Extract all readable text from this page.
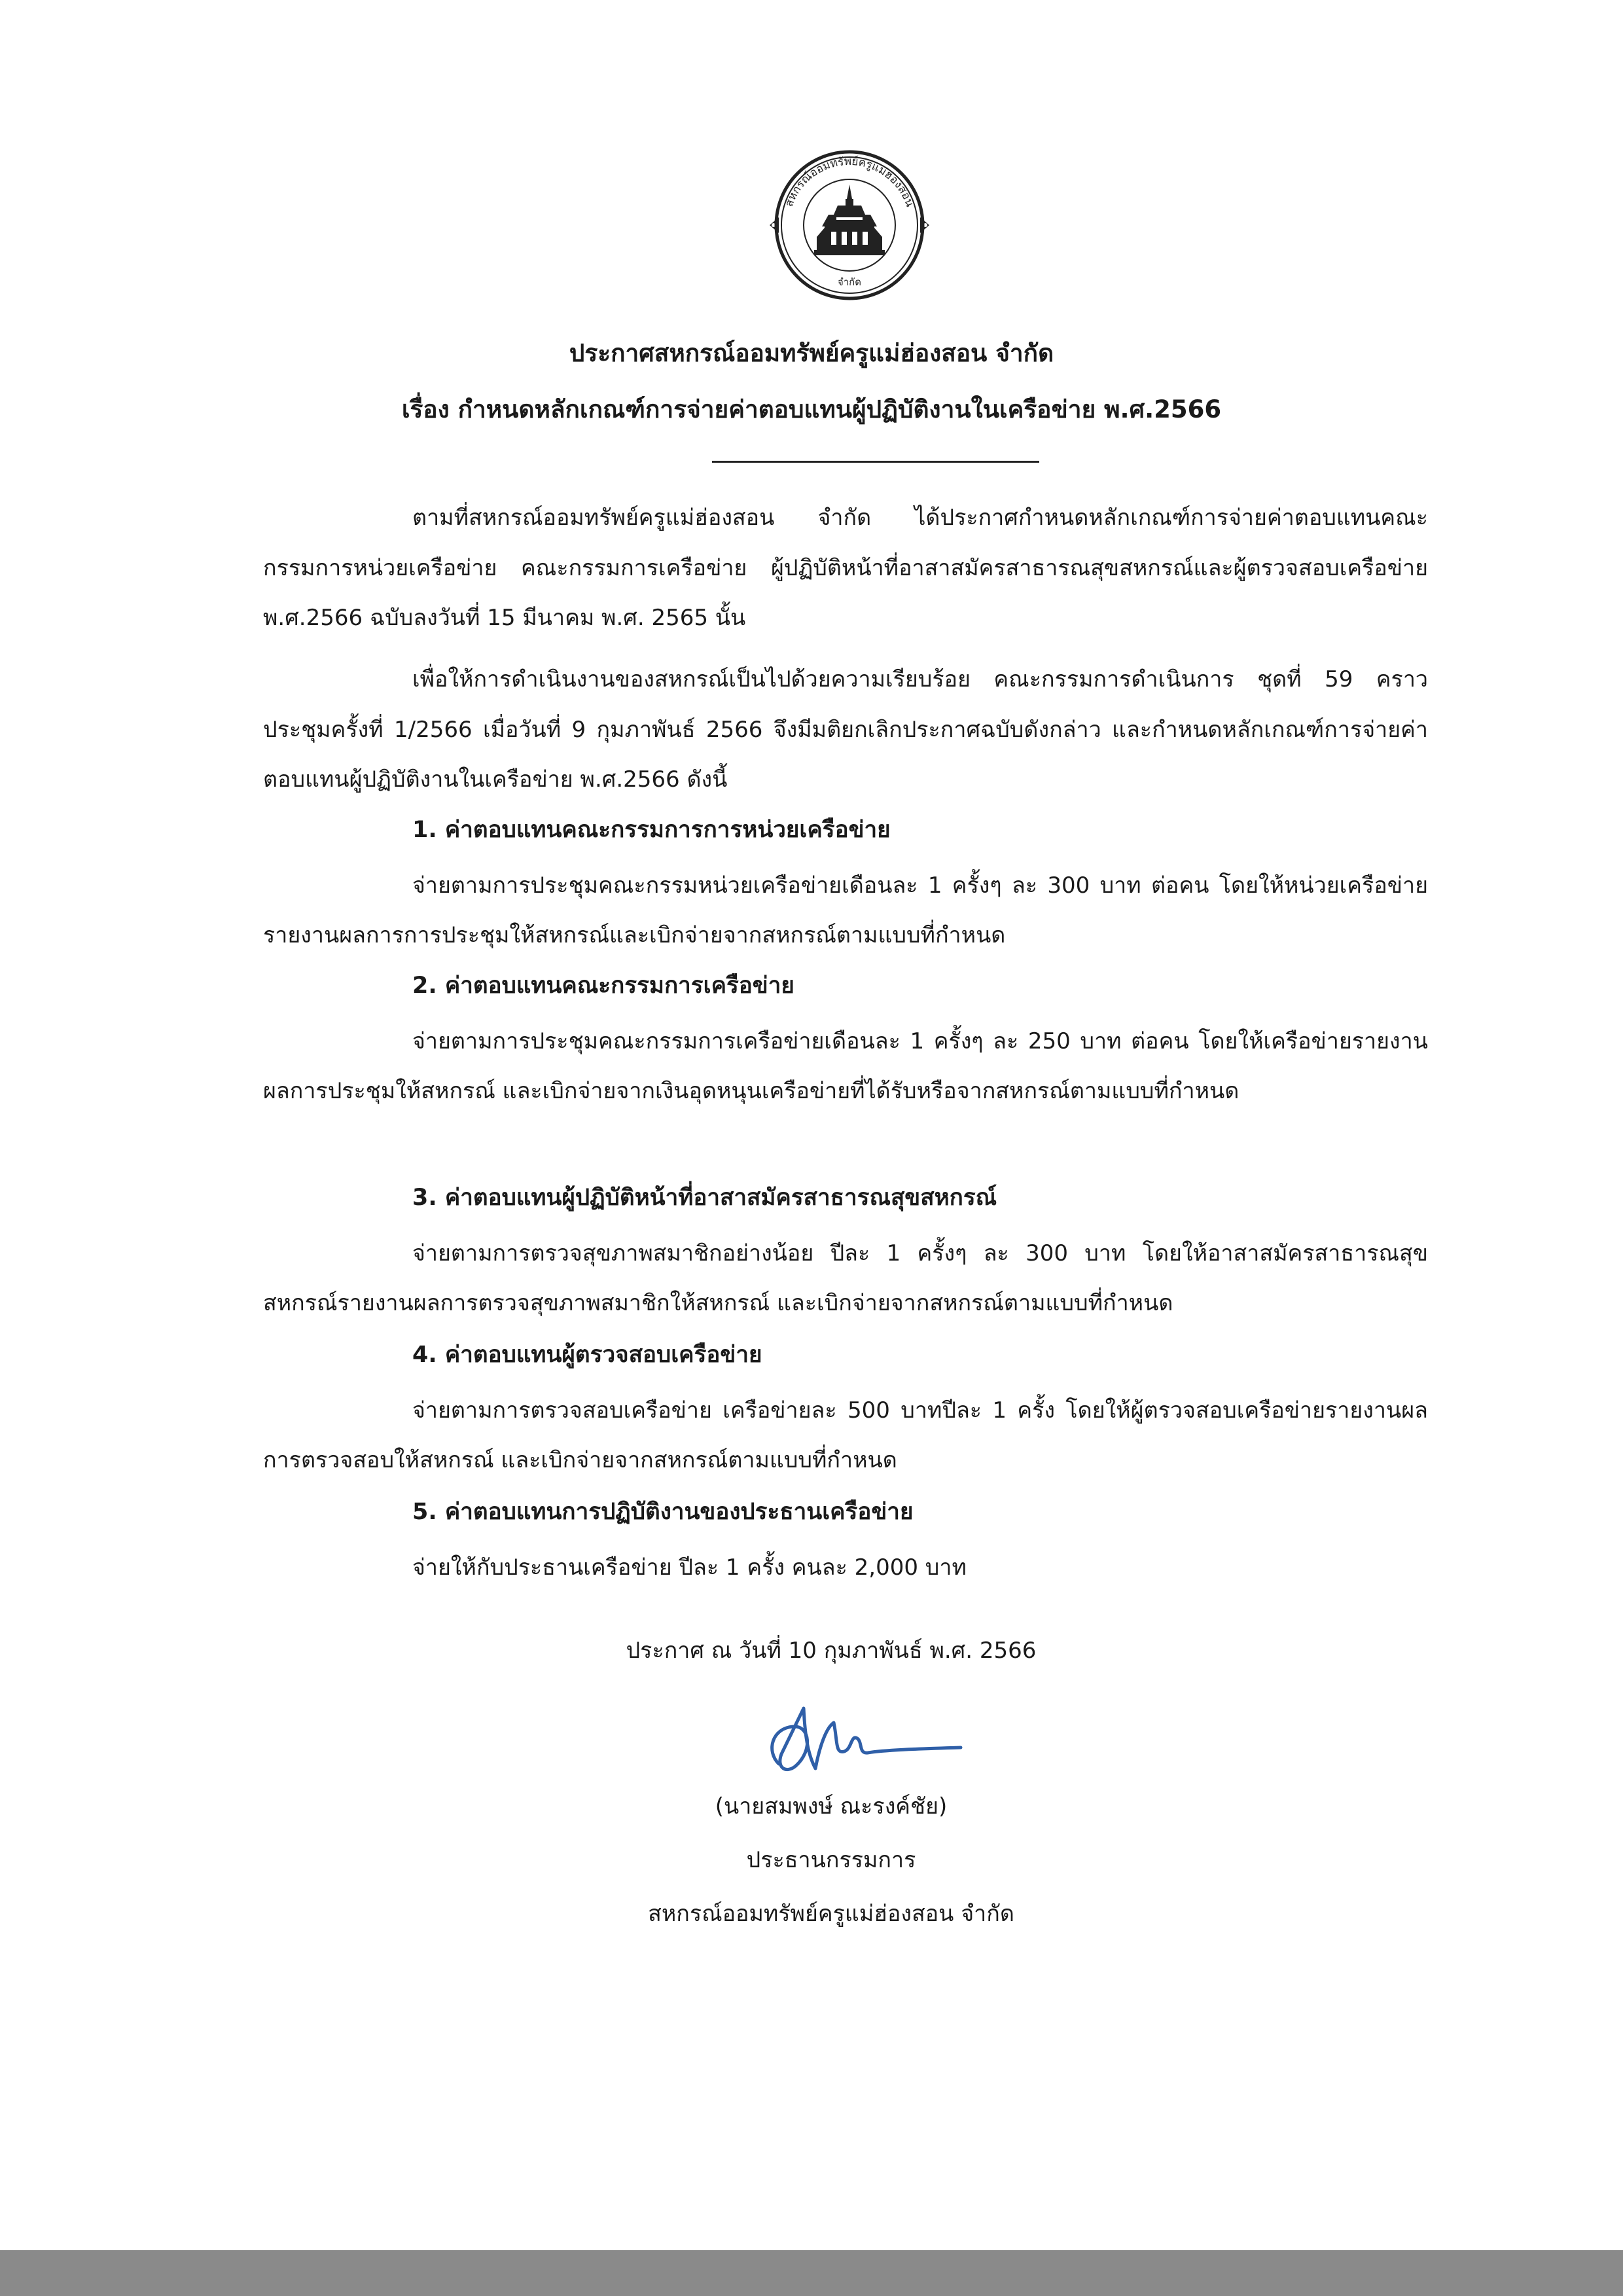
สหกรณ์ออมทรัพย์ครูแม่ฮ่องสอน
จำกัด
ประกาศสหกรณ์ออมทรัพย์ครูแม่ฮ่องสอน จำกัด
เรื่อง กำหนดหลักเกณฑ์การจ่ายค่าตอบแทนผู้ปฏิบัติงานในเครือข่าย พ.ศ.2566
ตามที่สหกรณ์ออมทรัพย์ครูแม่ฮ่องสอน จำกัด ได้ประกาศกำหนดหลักเกณฑ์การจ่ายค่าตอบแทนคณะกรรมการหน่วยเครือข่าย คณะกรรมการเครือข่าย ผู้ปฏิบัติหน้าที่อาสาสมัครสาธารณสุขสหกรณ์และผู้ตรวจสอบเครือข่าย พ.ศ.2566 ฉบับลงวันที่ 15 มีนาคม พ.ศ. 2565 นั้น
เพื่อให้การดำเนินงานของสหกรณ์เป็นไปด้วยความเรียบร้อย คณะกรรมการดำเนินการ ชุดที่ 59 คราวประชุมครั้งที่ 1/2566 เมื่อวันที่ 9 กุมภาพันธ์ 2566 จึงมีมติยกเลิกประกาศฉบับดังกล่าว และกำหนดหลักเกณฑ์การจ่ายค่าตอบแทนผู้ปฏิบัติงานในเครือข่าย พ.ศ.2566 ดังนี้
1. ค่าตอบแทนคณะกรรมการการหน่วยเครือข่าย
จ่ายตามการประชุมคณะกรรมหน่วยเครือข่ายเดือนละ 1 ครั้งๆ ละ 300 บาท ต่อคน โดยให้หน่วยเครือข่ายรายงานผลการการประชุมให้สหกรณ์และเบิกจ่ายจากสหกรณ์ตามแบบที่กำหนด
2. ค่าตอบแทนคณะกรรมการเครือข่าย
จ่ายตามการประชุมคณะกรรมการเครือข่ายเดือนละ 1 ครั้งๆ ละ 250 บาท ต่อคน โดยให้เครือข่ายรายงานผลการประชุมให้สหกรณ์ และเบิกจ่ายจากเงินอุดหนุนเครือข่ายที่ได้รับหรือจากสหกรณ์ตามแบบที่กำหนด
3. ค่าตอบแทนผู้ปฏิบัติหน้าที่อาสาสมัครสาธารณสุขสหกรณ์
จ่ายตามการตรวจสุขภาพสมาชิกอย่างน้อย ปีละ 1 ครั้งๆ ละ 300 บาท โดยให้อาสาสมัครสาธารณสุขสหกรณ์รายงานผลการตรวจสุขภาพสมาชิกให้สหกรณ์ และเบิกจ่ายจากสหกรณ์ตามแบบที่กำหนด
4. ค่าตอบแทนผู้ตรวจสอบเครือข่าย
จ่ายตามการตรวจสอบเครือข่าย เครือข่ายละ 500 บาทปีละ 1 ครั้ง โดยให้ผู้ตรวจสอบเครือข่ายรายงานผลการตรวจสอบให้สหกรณ์ และเบิกจ่ายจากสหกรณ์ตามแบบที่กำหนด
5. ค่าตอบแทนการปฏิบัติงานของประธานเครือข่าย
จ่ายให้กับประธานเครือข่าย ปีละ 1 ครั้ง คนละ 2,000 บาท
ประกาศ ณ วันที่ 10 กุมภาพันธ์ พ.ศ. 2566
(นายสมพงษ์ ณะรงค์ชัย)
ประธานกรรมการ
สหกรณ์ออมทรัพย์ครูแม่ฮ่องสอน จำกัด
